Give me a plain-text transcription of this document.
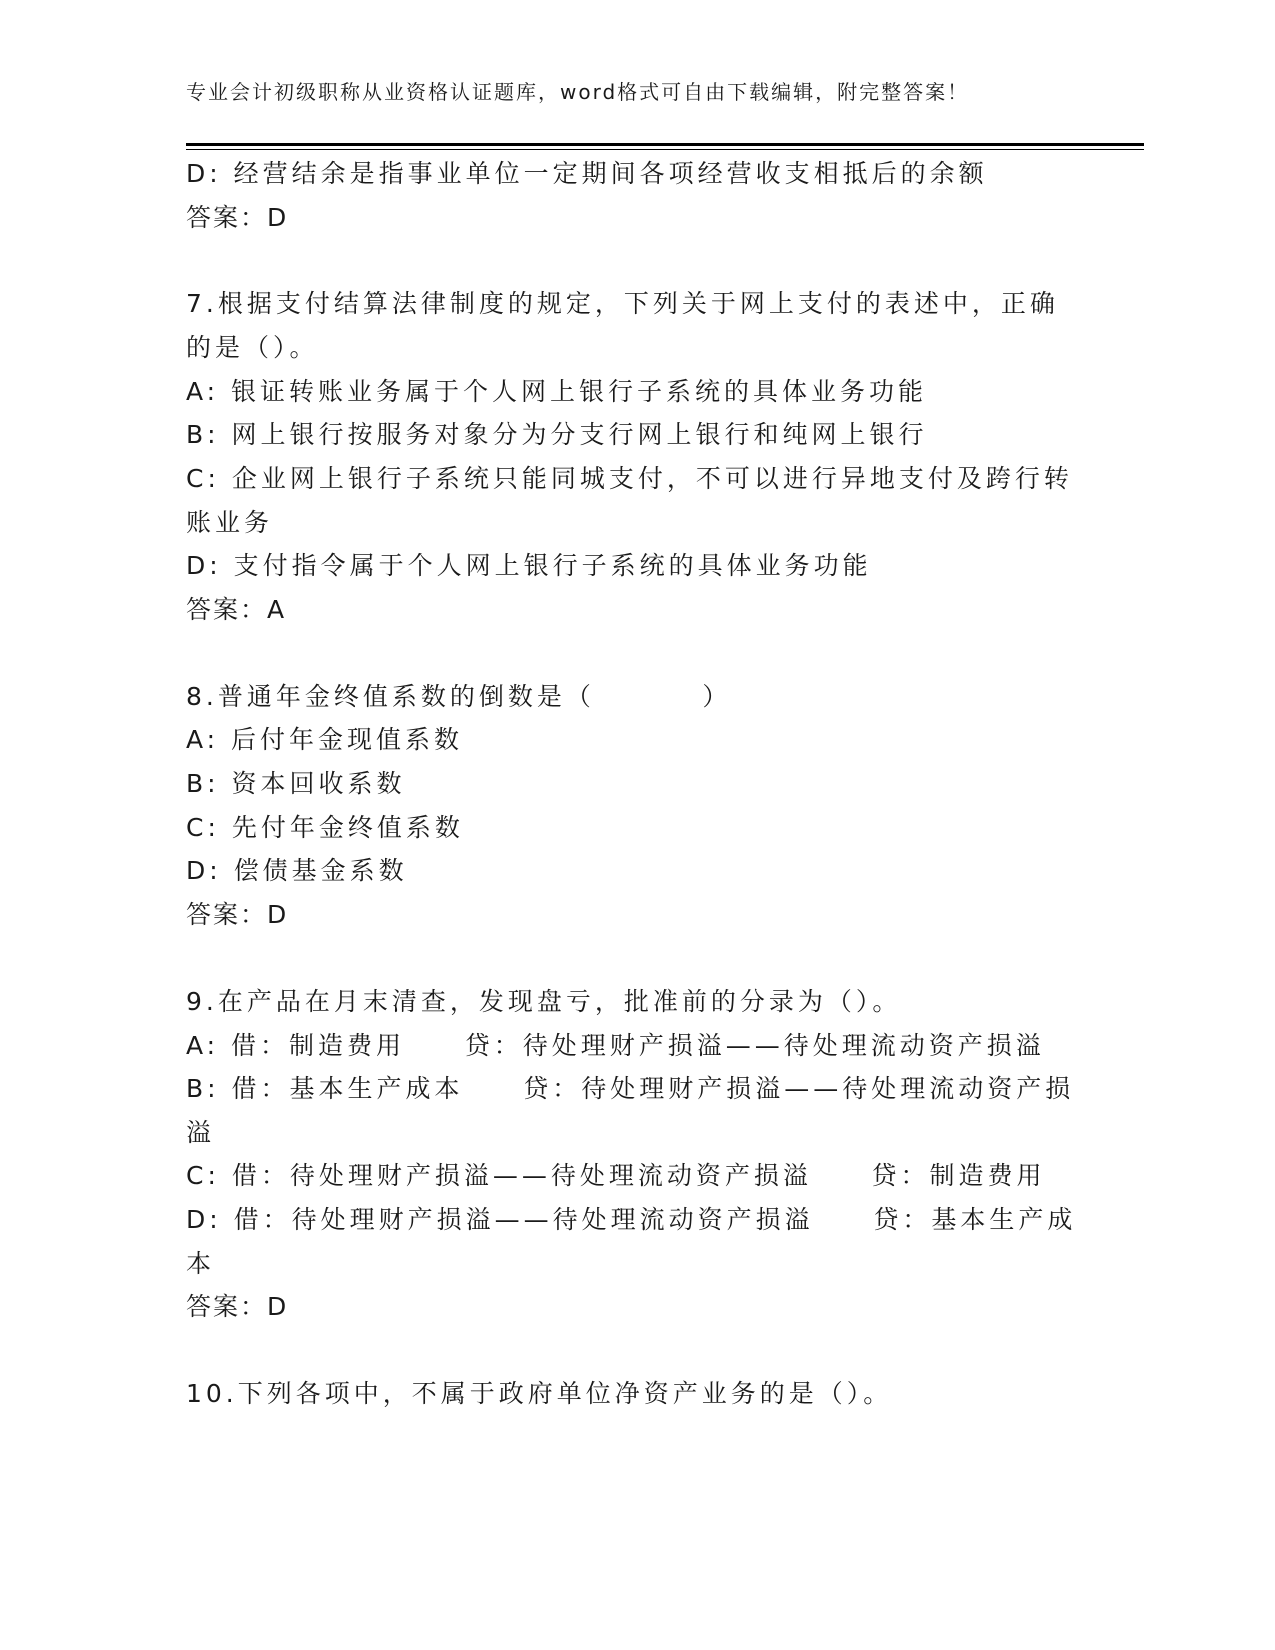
专业会计初级职称从业资格认证题库，word格式可自由下载编辑，附完整答案！
D: 经营结余是指事业单位一定期间各项经营收支相抵后的余额
答案：D
7.根据支付结算法律制度的规定，下列关于网上支付的表述中，正确
的是（）。
A: 银证转账业务属于个人网上银行子系统的具体业务功能
B: 网上银行按服务对象分为分支行网上银行和纯网上银行
C: 企业网上银行子系统只能同城支付，不可以进行异地支付及跨行转
账业务
D: 支付指令属于个人网上银行子系统的具体业务功能
答案：A
8.普通年金终值系数的倒数是（         ）
A: 后付年金现值系数
B: 资本回收系数
C: 先付年金终值系数
D: 偿债基金系数
答案：D
9.在产品在月末清查，发现盘亏，批准前的分录为（）。
A: 借：制造费用     贷：待处理财产损溢——待处理流动资产损溢
B: 借：基本生产成本     贷：待处理财产损溢——待处理流动资产损
溢
C: 借：待处理财产损溢——待处理流动资产损溢     贷：制造费用
D: 借：待处理财产损溢——待处理流动资产损溢     贷：基本生产成
本
答案：D
10.下列各项中，不属于政府单位净资产业务的是（）。
